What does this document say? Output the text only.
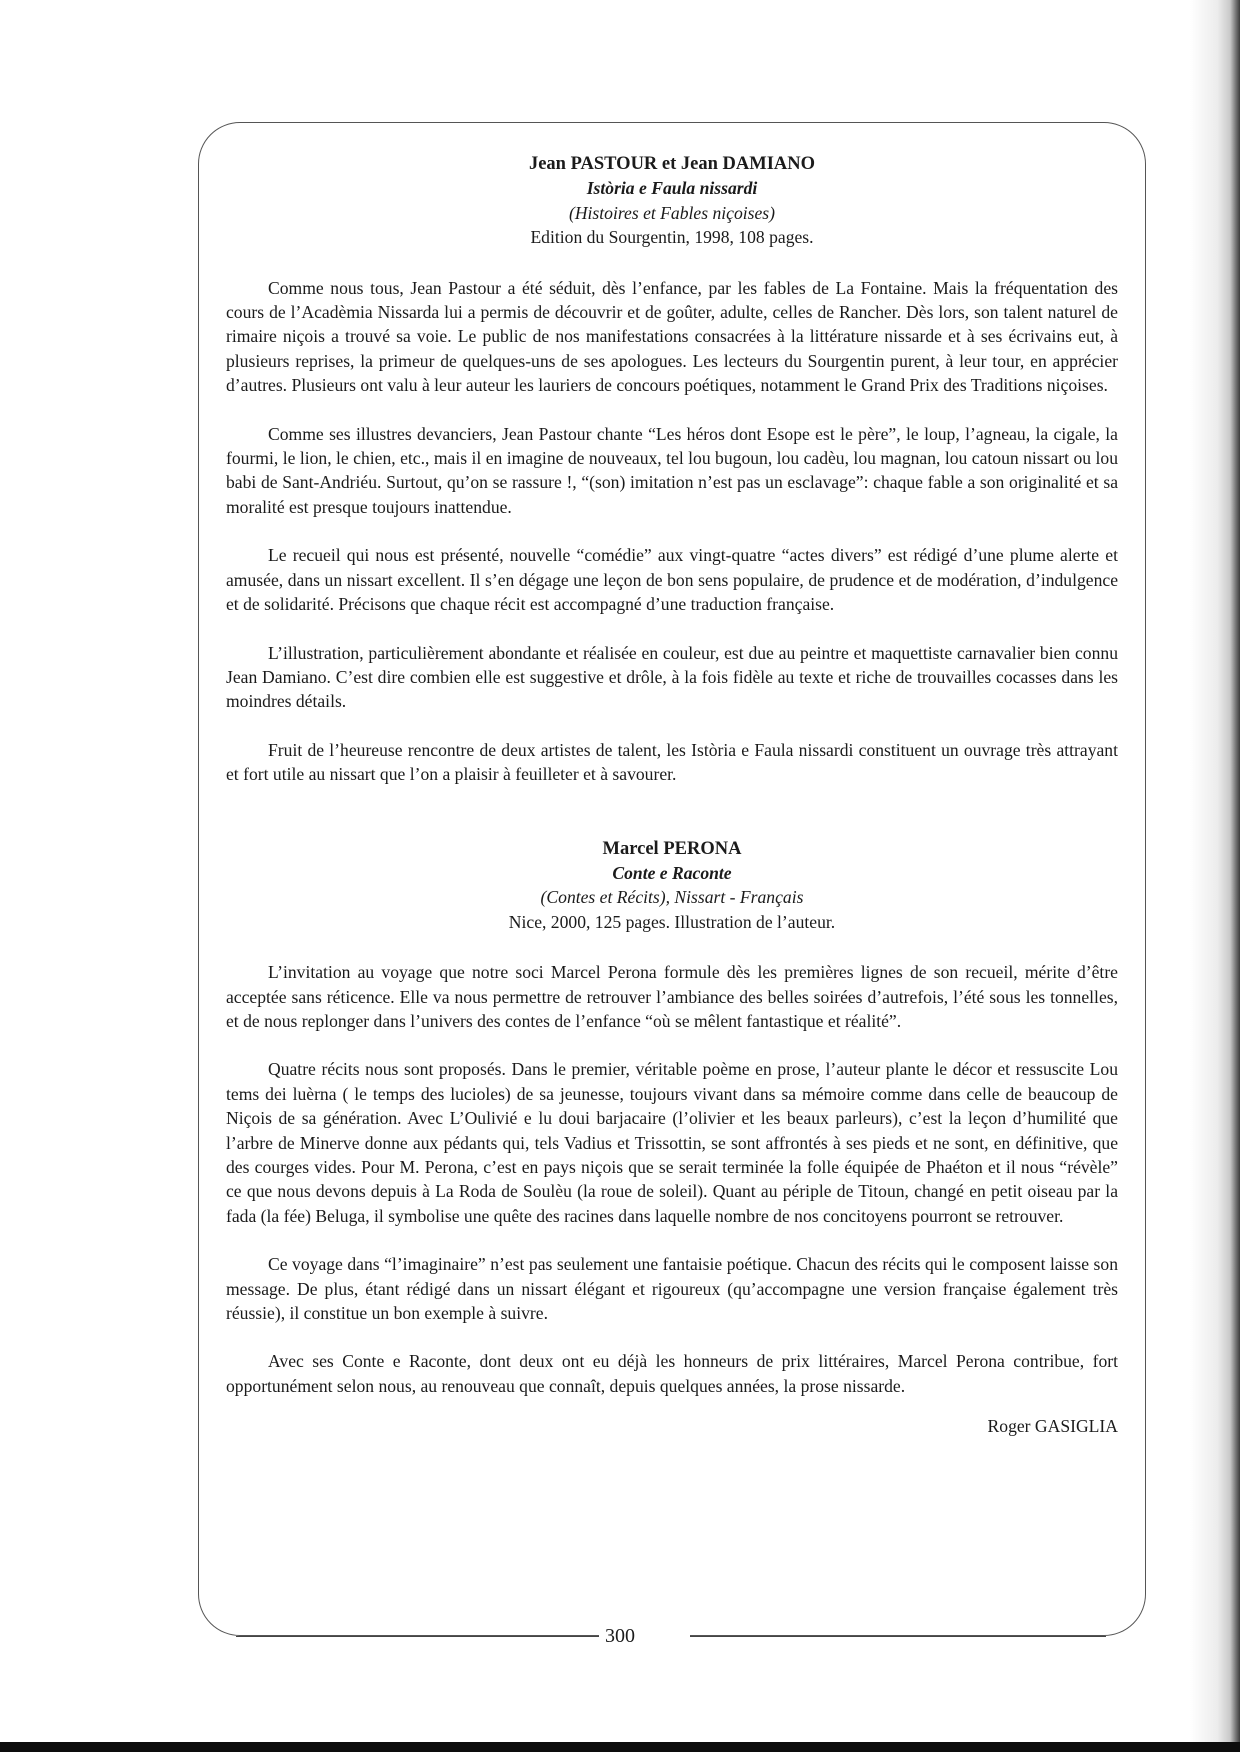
Jean PASTOUR et Jean DAMIANO
Istòria e Faula nissardi
(Histoires et Fables niçoises)
Edition du Sourgentin, 1998, 108 pages.

Comme nous tous, Jean Pastour a été séduit, dès l’enfance, par les fables de La Fontaine. Mais la fréquentation des cours de l’Acadèmia Nissarda lui a permis de découvrir et de goûter, adulte, celles de Rancher. Dès lors, son talent naturel de rimaire niçois a trouvé sa voie. Le public de nos manifestations consacrées à la littérature nissarde et à ses écrivains eut, à plusieurs reprises, la primeur de quelques-uns de ses apologues. Les lecteurs du Sourgentin purent, à leur tour, en apprécier d’autres. Plusieurs ont valu à leur auteur les lauriers de concours poétiques, notamment le Grand Prix des Traditions niçoises.

Comme ses illustres devanciers, Jean Pastour chante “Les héros dont Esope est le père”, le loup, l’agneau, la cigale, la fourmi, le lion, le chien, etc., mais il en imagine de nouveaux, tel lou bugoun, lou cadèu, lou magnan, lou catoun nissart ou lou babi de Sant-Andriéu. Surtout, qu’on se rassure !, “(son) imitation n’est pas un esclavage”: chaque fable a son originalité et sa moralité est presque toujours inattendue.

Le recueil qui nous est présenté, nouvelle “comédie” aux vingt-quatre “actes divers” est rédigé d’une plume alerte et amusée, dans un nissart excellent. Il s’en dégage une leçon de bon sens populaire, de prudence et de modération, d’indulgence et de solidarité. Précisons que chaque récit est accompagné d’une traduction française.

L’illustration, particulièrement abondante et réalisée en couleur, est due au peintre et maquettiste carnavalier bien connu Jean Damiano. C’est dire combien elle est suggestive et drôle, à la fois fidèle au texte et riche de trouvailles cocasses dans les moindres détails.

Fruit de l’heureuse rencontre de deux artistes de talent, les Istòria e Faula nissardi constituent un ouvrage très attrayant et fort utile au nissart que l’on a plaisir à feuilleter et à savourer.

Marcel PERONA
Conte e Raconte
(Contes et Récits), Nissart - Français
Nice, 2000, 125 pages. Illustration de l’auteur.

L’invitation au voyage que notre soci Marcel Perona formule dès les premières lignes de son recueil, mérite d’être acceptée sans réticence. Elle va nous permettre de retrouver l’ambiance des belles soirées d’autrefois, l’été sous les tonnelles, et de nous replonger dans l’univers des contes de l’enfance “où se mêlent fantastique et réalité”.

Quatre récits nous sont proposés. Dans le premier, véritable poème en prose, l’auteur plante le décor et ressuscite Lou tems dei luèrna ( le temps des lucioles) de sa jeunesse, toujours vivant dans sa mémoire comme dans celle de beaucoup de Niçois de sa génération. Avec L’Oulivié e lu doui barjacaire (l’olivier et les beaux parleurs), c’est la leçon d’humilité que l’arbre de Minerve donne aux pédants qui, tels Vadius et Trissottin, se sont affrontés à ses pieds et ne sont, en définitive, que des courges vides. Pour M. Perona, c’est en pays niçois que se serait terminée la folle équipée de Phaéton et il nous “révèle” ce que nous devons depuis à La Roda de Soulèu (la roue de soleil). Quant au périple de Titoun, changé en petit oiseau par la fada (la fée) Beluga, il symbolise une quête des racines dans laquelle nombre de nos concitoyens pourront se retrouver.

Ce voyage dans “l’imaginaire” n’est pas seulement une fantaisie poétique. Chacun des récits qui le composent laisse son message. De plus, étant rédigé dans un nissart élégant et rigoureux (qu’accompagne une version française également très réussie), il constitue un bon exemple à suivre.

Avec ses Conte e Raconte, dont deux ont eu déjà les honneurs de prix littéraires, Marcel Perona contribue, fort opportunément selon nous, au renouveau que connaît, depuis quelques années, la prose nissarde.

Roger GASIGLIA
300
